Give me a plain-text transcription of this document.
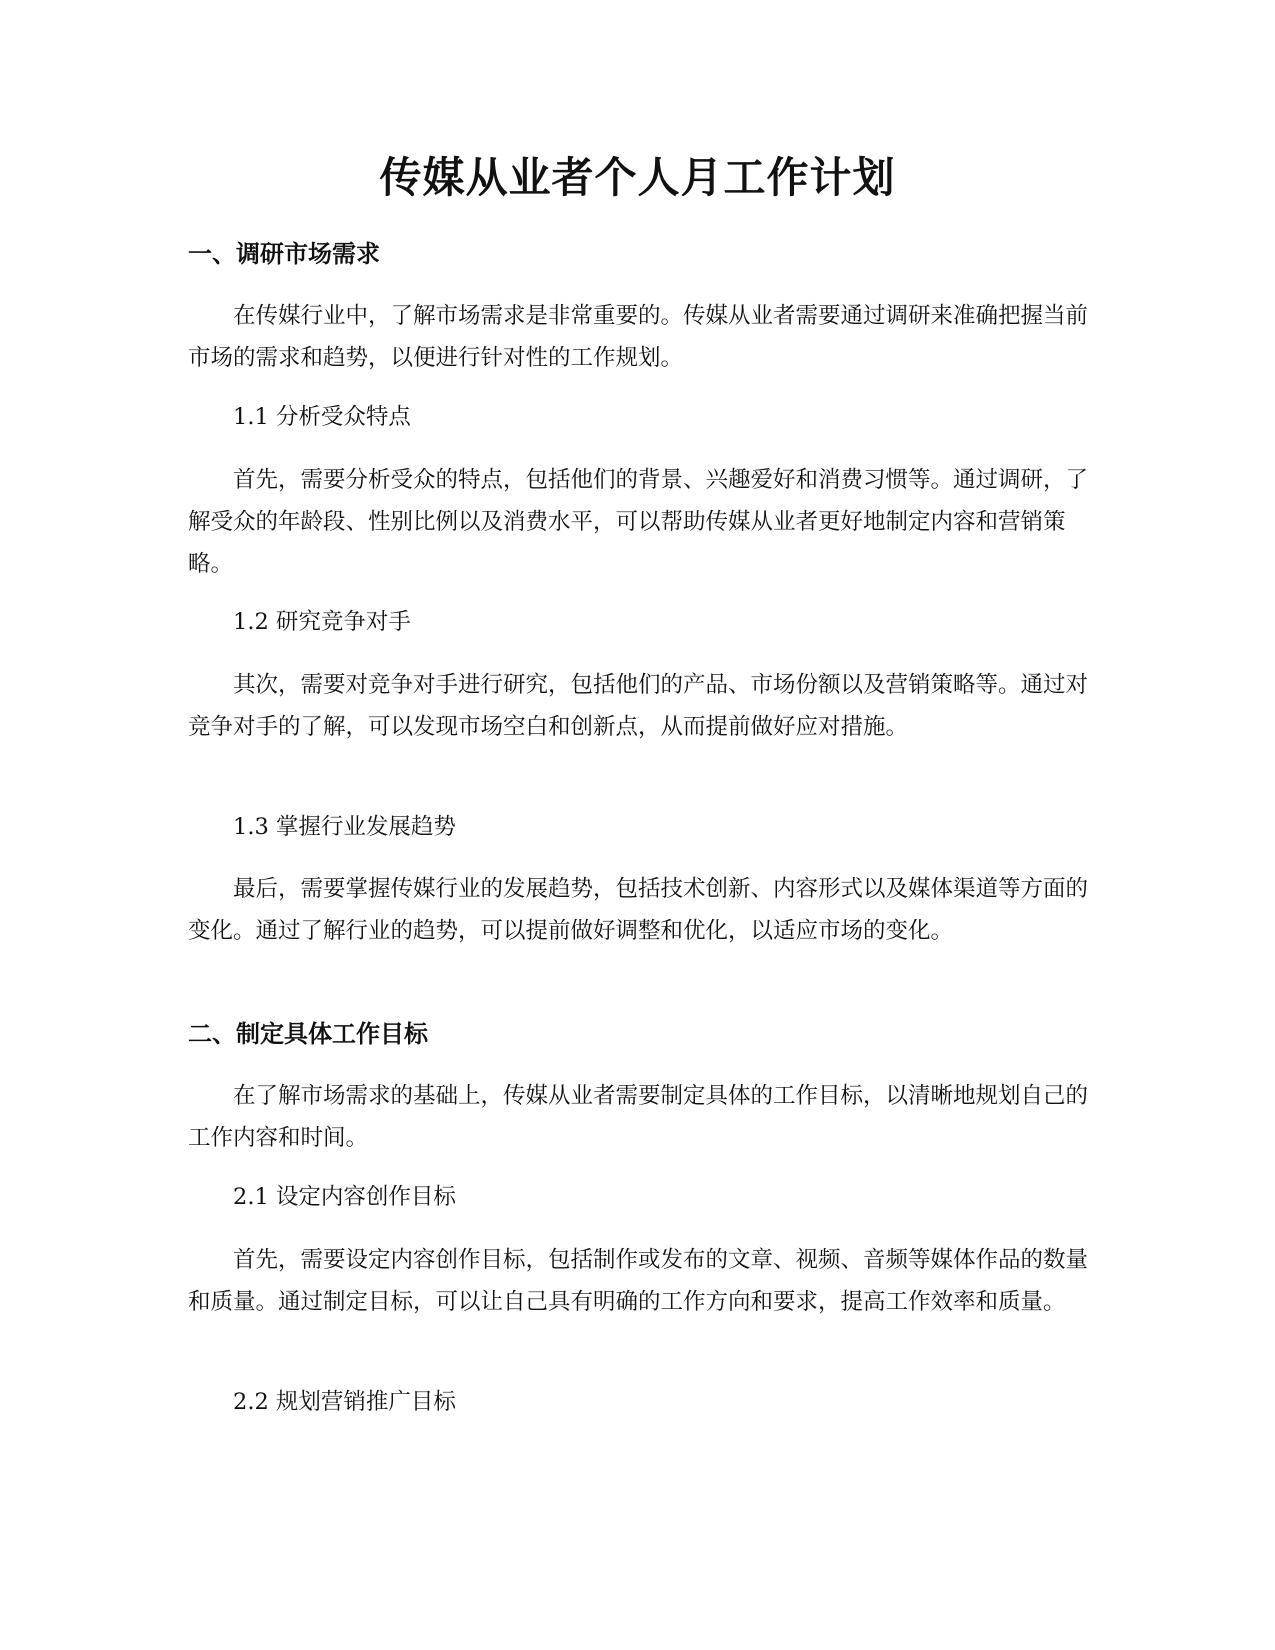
传媒从业者个人月工作计划
一、调研市场需求

在传媒行业中，了解市场需求是非常重要的。传媒从业者需要通过调研来准确把握当前市场的需求和趋势，以便进行针对性的工作规划。

1.1 分析受众特点

首先，需要分析受众的特点，包括他们的背景、兴趣爱好和消费习惯等。通过调研，了解受众的年龄段、性别比例以及消费水平，可以帮助传媒从业者更好地制定内容和营销策略。

1.2 研究竞争对手

其次，需要对竞争对手进行研究，包括他们的产品、市场份额以及营销策略等。通过对竞争对手的了解，可以发现市场空白和创新点，从而提前做好应对措施。

1.3 掌握行业发展趋势

最后，需要掌握传媒行业的发展趋势，包括技术创新、内容形式以及媒体渠道等方面的变化。通过了解行业的趋势，可以提前做好调整和优化，以适应市场的变化。

二、制定具体工作目标

在了解市场需求的基础上，传媒从业者需要制定具体的工作目标，以清晰地规划自己的工作内容和时间。

2.1 设定内容创作目标

首先，需要设定内容创作目标，包括制作或发布的文章、视频、音频等媒体作品的数量和质量。通过制定目标，可以让自己具有明确的工作方向和要求，提高工作效率和质量。

2.2 规划营销推广目标
